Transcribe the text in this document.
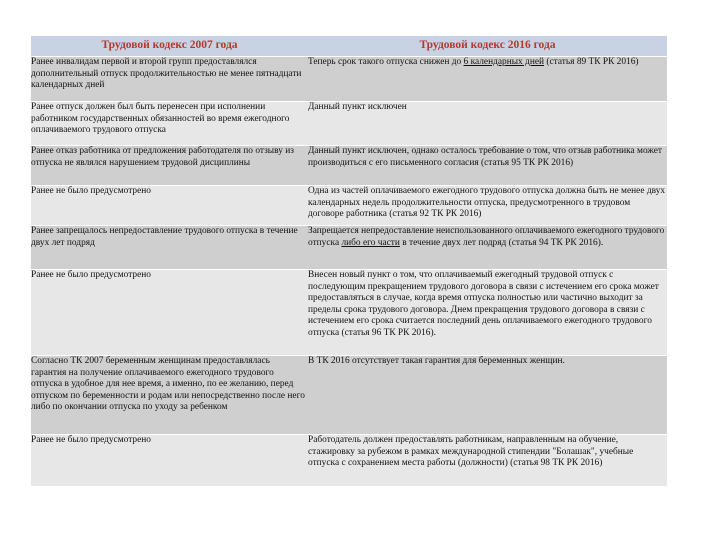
Трудовой кодекс 2007 года	Трудовой кодекс 2016 года
Ранее инвалидам первой и второй групп предоставлялся дополнительный отпуск продолжительностью не менее пятнадцати календарных дней	Теперь срок такого отпуска снижен до 6 календарных дней (статья 89 ТК РК 2016)
Ранее отпуск должен был быть перенесен при исполнении работником государственных обязанностей во время ежегодного оплачиваемого трудового отпуска	Данный пункт исключен
Ранее отказ работника от предложения работодателя по отзыву из отпуска не являлся нарушением трудовой дисциплины	Данный пункт исключен, однако осталось требование о том, что отзыв работника может производиться с его письменного согласия (статья 95 ТК РК 2016)
Ранее не было предусмотрено	Одна из частей оплачиваемого ежегодного трудового отпуска должна быть не менее двух календарных недель продолжительности отпуска, предусмотренного в трудовом договоре работника (статья 92 ТК РК 2016)
Ранее запрещалось непредоставление трудового отпуска в течение двух лет подряд	Запрещается непредоставление неиспользованного оплачиваемого ежегодного трудового отпуска либо его части в течение двух лет подряд (статья 94 ТК РК 2016).
Ранее не было предусмотрено	Внесен новый пункт о том, что оплачиваемый ежегодный трудовой отпуск с последующим прекращением трудового договора в связи с истечением его срока может предоставляться в случае, когда время отпуска полностью или частично выходит за пределы срока трудового договора. Днем прекращения трудового договора в связи с истечением его срока считается последний день оплачиваемого ежегодного трудового отпуска (статья 96 ТК РК 2016).
Согласно ТК 2007 беременным женщинам предоставлялась гарантия на получение оплачиваемого ежегодного трудового отпуска в удобное для нее время, а именно, по ее желанию, перед отпуском по беременности и родам или непосредственно после него либо по окончании отпуска по уходу за ребенком	В ТК 2016 отсутствует такая гарантия для беременных женщин.
Ранее не было предусмотрено	Работодатель должен предоставлять работникам, направленным на обучение, стажировку за рубежом в рамках международной стипендии "Болашак", учебные отпуска с сохранением места работы (должности) (статья 98 ТК РК 2016)
